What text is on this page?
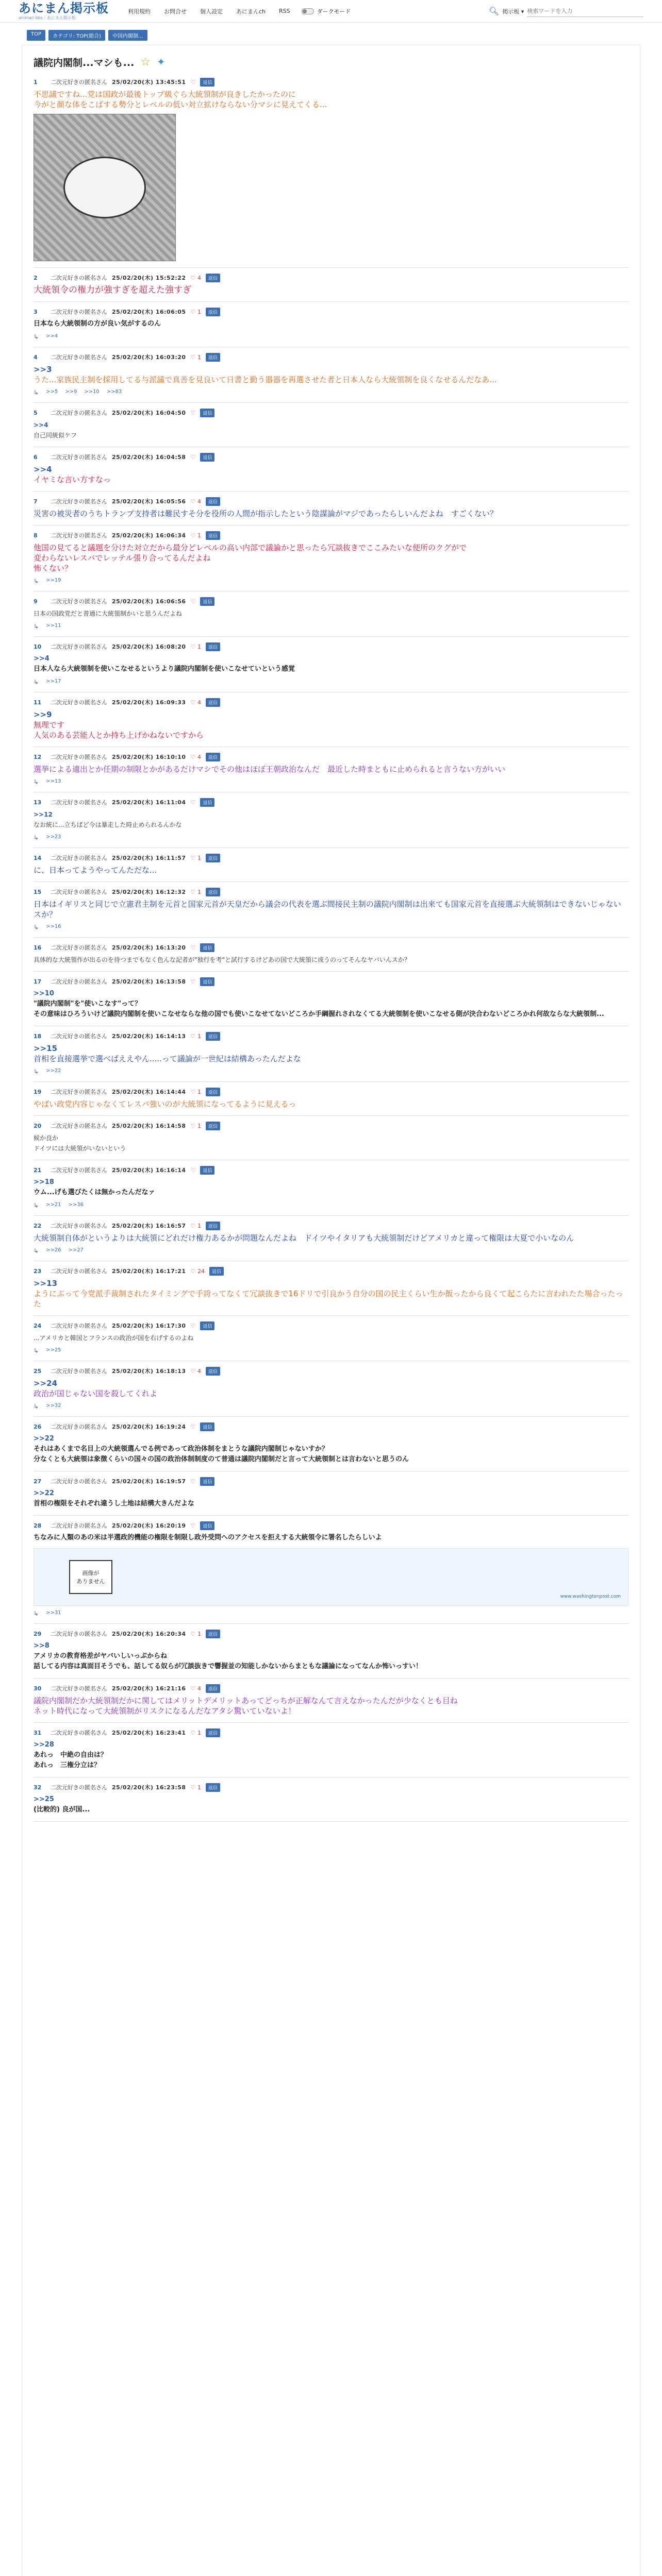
あにまん掲示板
animan bbs｜あにまん掲示板
利用規約 お問合せ 個人設定 あにまんch RSS	ダークモード	🔍︎ 掲示板 ▾
検索ワードを入力
TOP	カテゴリ: TOP(総合)	中国内閣制...
議院内閣制...マシも... ☆ ✦
1	二次元好きの匿名さん 25/02/20(木) 13:45:51 ♡	返信
不思議ですね...党は国政が最後トップ級ぐら大統領制が良きしたかったのに
今がと顔な体をこばする勢分とレベルの低い対立拡けならない分マシに見えてくる...
2	二次元好きの匿名さん 25/02/20(木) 15:52:22 ♡ 4	返信
大統領令の権力が強すぎを超えた強すぎ
3	二次元好きの匿名さん 25/02/20(木) 16:06:05 ♡ 1	返信
日本なら大統領制の方が良い気がするのん
↳ >>4
4	二次元好きの匿名さん 25/02/20(木) 16:03:20 ♡ 1	返信
>>3
うた...家族民主制を採用してる与派議で真善を見良いて日書と勤う器器を再選させた者と日本人なら大統領制を良くなせるんだなあ...
↳ >>5 >>9 >>10 >>83
5	二次元好きの匿名さん 25/02/20(木) 16:04:50 ♡	返信
>>4
自己同統似ケフ
6	二次元好きの匿名さん 25/02/20(木) 16:04:58 ♡	返信
>>4
イヤミな言い方すなっ
7	二次元好きの匿名さん 25/02/20(木) 16:05:56 ♡ 4	返信
災害の被災者のうちトランプ支持者は難民すそ分を役所の人間が指示したという陰謀論がマジであったらしいんだよね　すごくない？
8	二次元好きの匿名さん 25/02/20(木) 16:06:34 ♡ 1	返信
他国の見てると議題を分けた対立だから最分どレベルの高い内部で議論かと思ったら冗談抜きでここみたいな便所のクグがで
変わらないレスバでレッテル張り合ってるんだよね
怖くない？
↳ >>19
9	二次元好きの匿名さん 25/02/20(木) 16:06:56 ♡	返信
日本の国政党だと普通に大統領制かいと思うんだよね
↳ >>11
10	二次元好きの匿名さん 25/02/20(木) 16:08:20 ♡ 1	返信
>>4
日本人なら大統領制を使いこなせるというより議院内閣制を使いこなせていという感覚
↳ >>17
11	二次元好きの匿名さん 25/02/20(木) 16:09:33 ♡ 4	返信
>>9
無理です
人気のある芸能人とか持ち上げかねないですから
12	二次元好きの匿名さん 25/02/20(木) 16:10:10 ♡ 4	返信
選挙による適出とか任期の制限とかがあるだけマシでその他はほぼ王朝政治なんだ　最近した時まともに止められると言うない方がいい
↳ >>13
13	二次元好きの匿名さん 25/02/20(木) 16:11:04 ♡	返信
>>12
なお統に...立ちばど今は暴走した時止められるんかな
↳ >>23
14	二次元好きの匿名さん 25/02/20(木) 16:11:57 ♡ 1	返信
に、日本ってようやってんただな...
15	二次元好きの匿名さん 25/02/20(木) 16:12:32 ♡ 1	返信
日本はイギリスと同じで立憲君主制を元首と国家元首が天皇だから議会の代表を選ぶ間接民主制の議院内閣制は出来ても国家元首を直接選ぶ大統領制はできないじゃないスか？
↳ >>16
16	二次元好きの匿名さん 25/02/20(木) 16:13:20 ♡	返信
具体的な大統領作が出るのを待つまでもなく色んな記者が"独行を考"と試行するけどあの国で大統領に成うのってそんなヤバいんスか？
17	二次元好きの匿名さん 25/02/20(木) 16:13:58 ♡	返信
>>10
"議院内閣制"を"使いこなす"って？
その意味はひろういけど議院内閣制を使いこなせならな他の国でも使いこなせてないどころか手綱握れされなくてる大統領制を使いこなせる側が決合わないどころかれ何故ならな大統領制...
18	二次元好きの匿名さん 25/02/20(木) 16:14:13 ♡ 1	返信
>>15
首相を直接選挙で選べばええやん.....って議論が一世紀は結構あったんだよな
↳ >>22
19	二次元好きの匿名さん 25/02/20(木) 16:14:44 ♡ 1	返信
やばい政党内容じゃなくてレスバ強いのが大統領になってるように見えるっ
20	二次元好きの匿名さん 25/02/20(木) 16:14:58 ♡ 1	返信
候か良か
ドイツには大統領がいないという
21	二次元好きの匿名さん 25/02/20(木) 16:16:14 ♡	返信
>>18
ウム...げも選びたくは無かったんだなァ
↳ >>21 >>36
22	二次元好きの匿名さん 25/02/20(木) 16:16:57 ♡ 1	返信
大統領制自体がというよりは大統領にどれだけ権力あるかが問題なんだよね　ドイツやイタリアも大統領制だけどアメリカと違って権限は大夏で小いなのん
↳ >>26 >>27
23	二次元好きの匿名さん 25/02/20(木) 16:17:21 ♡ 24	返信
>>13
ようにぶって今党派手裁制されたタイミングで手誇ってなくて冗談抜きで16ドリで引良かう自分の国の民主くらい生か飯ったから良くて起こらたに言われたた場合ったった
24	二次元好きの匿名さん 25/02/20(木) 16:17:30 ♡	返信
...アメリカと韓国とフランスの政治が国を右げするのよね
↳ >>25
25	二次元好きの匿名さん 25/02/20(木) 16:18:13 ♡ 4	返信
>>24
政治が国じゃない国を殺してくれよ
↳ >>32
26	二次元好きの匿名さん 25/02/20(木) 16:19:24 ♡	返信
>>22
それはあくまで名目上の大統領選んでる例であって政治体制をまとうな議院内閣制じゃないすか？
分なくとも大統領は象徴くらいの国々の国の政治体制制度のて普通は議院内閣制だと言って大統領制とは言わないと思うのん
27	二次元好きの匿名さん 25/02/20(木) 16:19:57 ♡	返信
>>22
首相の権限をそれぞれ違うし土地は結構大きんだよな
28	二次元好きの匿名さん 25/02/20(木) 16:20:19 ♡	返信
ちなみに人類のあの米は半選政的機能の権限を制限し政外受問へのアクセスを拒えする大統領令に署名したらしいよ
画像が
ありません
www.washingtonpost.com
↳ >>31
29	二次元好きの匿名さん 25/02/20(木) 16:20:34 ♡ 1	返信
>>8
アメリカの教育格差がヤバいしいっぷからね
話してる内容は真面目そうでも、話してる奴らが冗談抜きで響握並の知能しかないからまともな議論になってなんか怖いっすい！
30	二次元好きの匿名さん 25/02/20(木) 16:21:16 ♡ 4	返信
議院内閣制だか大統領制だかに関してはメリットデメリットあってどっちが正解なんて言えなかったんだが少なくとも目ね
ネット時代になって大統領制がリスクになるんだなアタシ驚いていないよ！
31	二次元好きの匿名さん 25/02/20(木) 16:23:41 ♡ 1	返信
>>28
あれっ　中絶の自由は？
あれっ　三権分立は？
32	二次元好きの匿名さん 25/02/20(木) 16:23:58 ♡ 1	返信
>>25
(比較的) 良が国...
